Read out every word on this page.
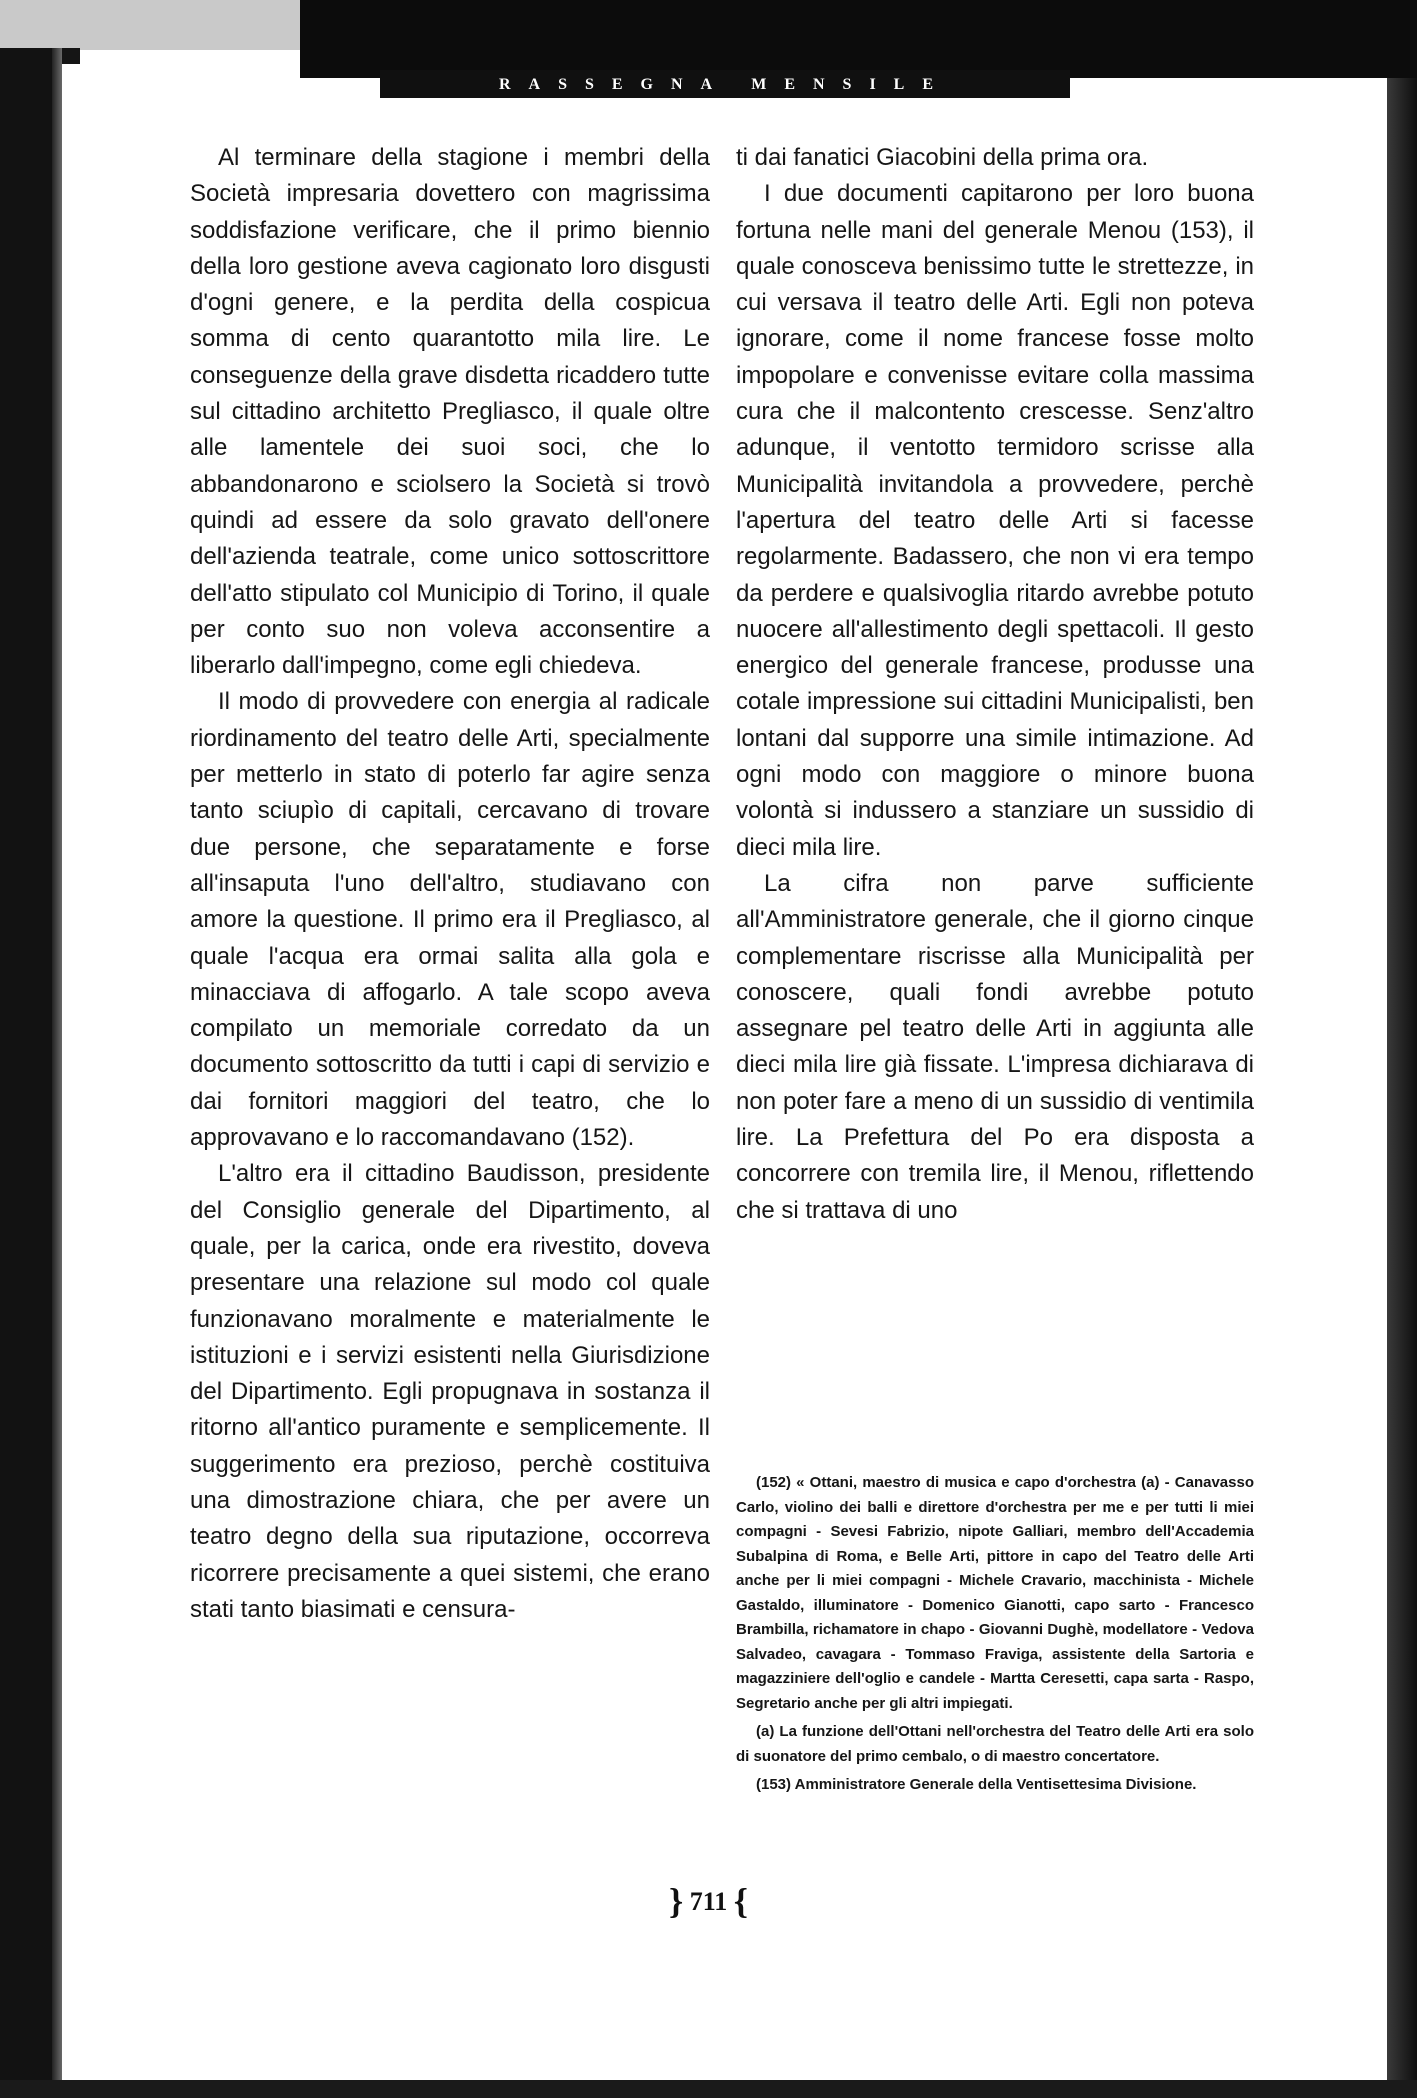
RASSEGNA MENSILE

Al terminare della stagione i membri della Società impresaria dovettero con magrissima soddisfazione verificare, che il primo biennio della loro gestione aveva cagionato loro disgusti d'ogni genere, e la perdita della cospicua somma di cento quarantotto mila lire. Le conseguenze della grave disdetta ricaddero tutte sul cittadino architetto Pregliasco, il quale oltre alle lamentele dei suoi soci, che lo abbandonarono e sciolsero la Società si trovò quindi ad essere da solo gravato dell'onere dell'azienda teatrale, come unico sottoscrittore dell'atto stipulato col Municipio di Torino, il quale per conto suo non voleva acconsentire a liberarlo dall'impegno, come egli chiedeva.

Il modo di provvedere con energia al radicale riordinamento del teatro delle Arti, specialmente per metterlo in stato di poterlo far agire senza tanto sciupìo di capitali, cercavano di trovare due persone, che separatamente e forse all'insaputa l'uno dell'altro, studiavano con amore la questione. Il primo era il Pregliasco, al quale l'acqua era ormai salita alla gola e minacciava di affogarlo. A tale scopo aveva compilato un memoriale corredato da un documento sottoscritto da tutti i capi di servizio e dai fornitori maggiori del teatro, che lo approvavano e lo raccomandavano (152).

L'altro era il cittadino Baudisson, presidente del Consiglio generale del Dipartimento, al quale, per la carica, onde era rivestito, doveva presentare una relazione sul modo col quale funzionavano moralmente e materialmente le istituzioni e i servizi esistenti nella Giurisdizione del Dipartimento. Egli propugnava in sostanza il ritorno all'antico puramente e semplicemente. Il suggerimento era prezioso, perchè costituiva una dimostrazione chiara, che per avere un teatro degno della sua riputazione, occorreva ricorrere precisamente a quei sistemi, che erano stati tanto biasimati e censura-

ti dai fanatici Giacobini della prima ora.

I due documenti capitarono per loro buona fortuna nelle mani del generale Menou (153), il quale conosceva benissimo tutte le strettezze, in cui versava il teatro delle Arti. Egli non poteva ignorare, come il nome francese fosse molto impopolare e convenisse evitare colla massima cura che il malcontento crescesse. Senz'altro adunque, il ventotto termidoro scrisse alla Municipalità invitandola a provvedere, perchè l'apertura del teatro delle Arti si facesse regolarmente. Badassero, che non vi era tempo da perdere e qualsivoglia ritardo avrebbe potuto nuocere all'allestimento degli spettacoli. Il gesto energico del generale francese, produsse una cotale impressione sui cittadini Municipalisti, ben lontani dal supporre una simile intimazione. Ad ogni modo con maggiore o minore buona volontà si indussero a stanziare un sussidio di dieci mila lire.

La cifra non parve sufficiente all'Amministratore generale, che il giorno cinque complementare riscrisse alla Municipalità per conoscere, quali fondi avrebbe potuto assegnare pel teatro delle Arti in aggiunta alle dieci mila lire già fissate. L'impresa dichiarava di non poter fare a meno di un sussidio di ventimila lire. La Prefettura del Po era disposta a concorrere con tremila lire, il Menou, riflettendo che si trattava di uno

(152) « Ottani, maestro di musica e capo d'orchestra (a) - Canavasso Carlo, violino dei balli e direttore d'orchestra per me e per tutti li miei compagni - Sevesi Fabrizio, nipote Galliari, membro dell'Accademia Subalpina di Roma, e Belle Arti, pittore in capo del Teatro delle Arti anche per li miei compagni - Michele Cravario, macchinista - Michele Gastaldo, illuminatore - Domenico Gianotti, capo sarto - Francesco Brambilla, richamatore in chapo - Giovanni Dughè, modellatore - Vedova Salvadeo, cavagara - Tommaso Fraviga, assistente della Sartoria e magazziniere dell'oglio e candele - Martta Ceresetti, capa sarta - Raspo, Segretario anche per gli altri impiegati.

(a) La funzione dell'Ottani nell'orchestra del Teatro delle Arti era solo di suonatore del primo cembalo, o di maestro concertatore.

(153) Amministratore Generale della Ventisettesima Divisione.

} 711 {
